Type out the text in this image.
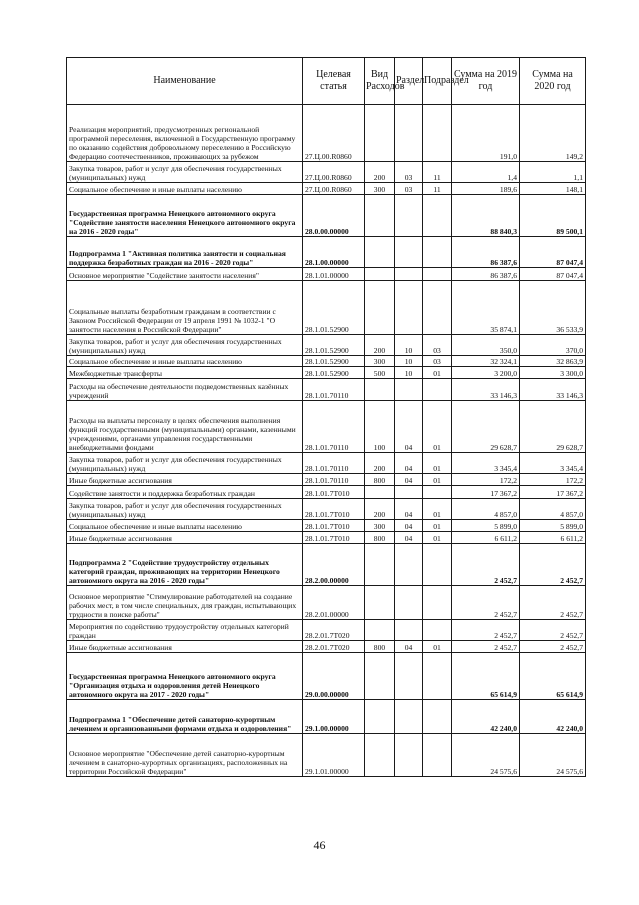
Наименование	Целевая статья	Вид Расходов	Раздел	Подраздел	Сумма на 2019 год	Сумма на 2020 год
Реализация мероприятий, предусмотренных региональной программой переселения, включенной в Государственную программу по оказанию содействия добровольному переселению в Российскую Федерацию соотечественников, проживающих за рубежом	27.Ц.00.R0860				191,0	149,2
Закупка товаров, работ и услуг для обеспечения государственных (муниципальных) нужд	27.Ц.00.R0860	200	03	11	1,4	1,1
Социальное обеспечение и иные выплаты населению	27.Ц.00.R0860	300	03	11	189,6	148,1
Государственная программа Ненецкого автономного округа "Содействие занятости населения Ненецкого автономного округа на 2016 - 2020 годы"	28.0.00.00000				88 840,3	89 500,1
Подпрограмма 1 "Активная политика занятости и социальная поддержка безработных граждан на 2016 - 2020 годы"	28.1.00.00000				86 387,6	87 047,4
Основное мероприятие "Содействие занятости населения"	28.1.01.00000				86 387,6	87 047,4
Социальные выплаты безработным гражданам в соответствии с Законом Российской Федерации от 19 апреля 1991 № 1032-1 "О занятости населения в Российской Федерации"	28.1.01.52900				35 874,1	36 533,9
Закупка товаров, работ и услуг для обеспечения государственных (муниципальных) нужд	28.1.01.52900	200	10	03	350,0	370,0
Социальное обеспечение и иные выплаты населению	28.1.01.52900	300	10	03	32 324,1	32 863,9
Межбюджетные трансферты	28.1.01.52900	500	10	01	3 200,0	3 300,0
Расходы на обеспечение деятельности подведомственных казённых учреждений	28.1.01.70110				33 146,3	33 146,3
Расходы на выплаты персоналу в целях обеспечения выполнения функций государственными (муниципальными) органами, казенными учреждениями, органами управления государственными внебюджетными фондами	28.1.01.70110	100	04	01	29 628,7	29 628,7
Закупка товаров, работ и услуг для обеспечения государственных (муниципальных) нужд	28.1.01.70110	200	04	01	3 345,4	3 345,4
Иные бюджетные ассигнования	28.1.01.70110	800	04	01	172,2	172,2
Содействие занятости и поддержка безработных граждан	28.1.01.7Т010				17 367,2	17 367,2
Закупка товаров, работ и услуг для обеспечения государственных (муниципальных) нужд	28.1.01.7Т010	200	04	01	4 857,0	4 857,0
Социальное обеспечение и иные выплаты населению	28.1.01.7Т010	300	04	01	5 899,0	5 899,0
Иные бюджетные ассигнования	28.1.01.7Т010	800	04	01	6 611,2	6 611,2
Подпрограмма 2 "Содействие трудоустройству отдельных категорий граждан, проживающих на территории Ненецкого автономного округа на 2016 - 2020 годы"	28.2.00.00000				2 452,7	2 452,7
Основное мероприятие "Стимулирование работодателей на создание рабочих мест, в том числе специальных, для граждан, испытывающих трудности в поиске работы"	28.2.01.00000				2 452,7	2 452,7
Мероприятия по содействию трудоустройству отдельных категорий граждан	28.2.01.7Т020				2 452,7	2 452,7
Иные бюджетные ассигнования	28.2.01.7Т020	800	04	01	2 452,7	2 452,7
Государственная программа Ненецкого автономного округа "Организация отдыха и оздоровления детей Ненецкого автономного округа на 2017 - 2020 годы"	29.0.00.00000				65 614,9	65 614,9
Подпрограмма 1 "Обеспечение детей санаторно-курортным лечением и организованными формами отдыха и оздоровления"	29.1.00.00000				42 240,0	42 240,0
Основное мероприятие "Обеспечение детей санаторно-курортным лечением в санаторно-курортных организациях, расположенных на территории Российской Федерации"	29.1.01.00000				24 575,6	24 575,6
46
